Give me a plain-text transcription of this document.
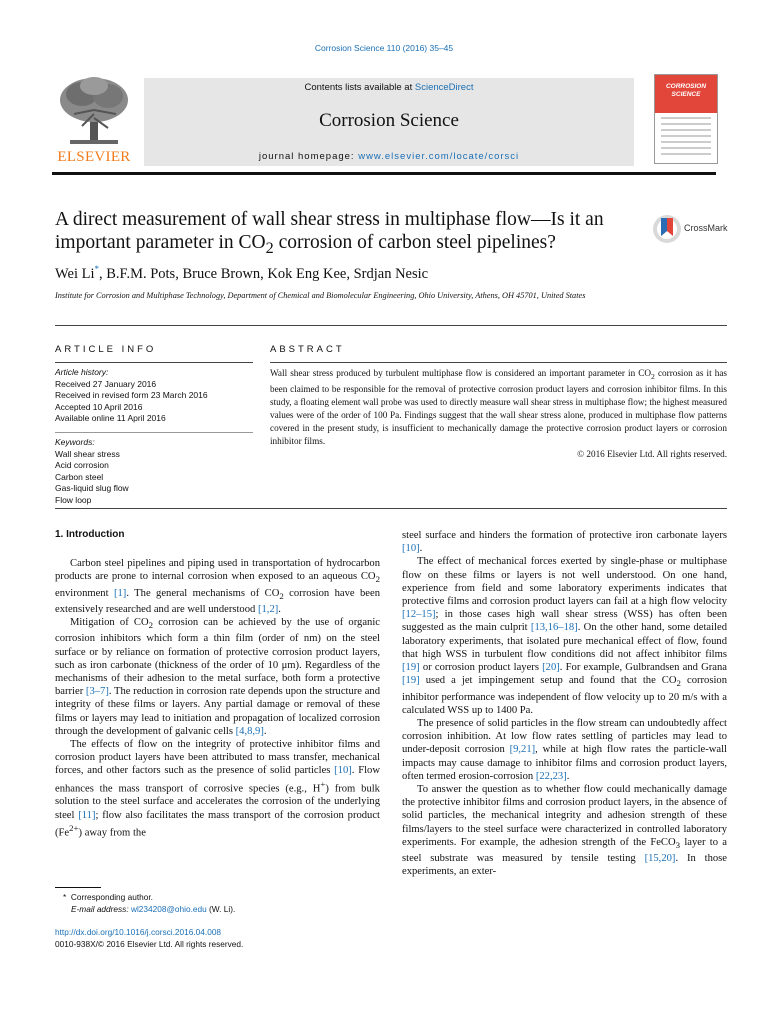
Corrosion Science 110 (2016) 35–45
ELSEVIER
Contents lists available at ScienceDirect
Corrosion Science
journal homepage: www.elsevier.com/locate/corsci
CORROSION SCIENCE
A direct measurement of wall shear stress in multiphase flow—Is it an important parameter in $CO_2$ corrosion of carbon steel pipelines?
CrossMark
Wei Li*, B.F.M. Pots, Bruce Brown, Kok Eng Kee, Srdjan Nesic
Institute for Corrosion and Multiphase Technology, Department of Chemical and Biomolecular Engineering, Ohio University, Athens, OH 45701, United States
ARTICLE INFO
Article history:
Received 27 January 2016
Received in revised form 23 March 2016
Accepted 10 April 2016
Available online 11 April 2016
Keywords:
Wall shear stress
Acid corrosion
Carbon steel
Gas-liquid slug flow
Flow loop
ABSTRACT
Wall shear stress produced by turbulent multiphase flow is considered an important parameter in $CO_2$ corrosion as it has been claimed to be responsible for the removal of protective corrosion product layers and corrosion inhibitor films. In this study, a floating element wall probe was used to directly measure wall shear stress in multiphase flow; the highest measured values were of the order of 100 Pa. Findings suggest that the wall shear stress alone, produced in multiphase flow patterns covered in the present study, is insufficient to mechanically damage the protective corrosion product layers or corrosion inhibitor films.
© 2016 Elsevier Ltd. All rights reserved.
1. Introduction

Carbon steel pipelines and piping used in transportation of hydrocarbon products are prone to internal corrosion when exposed to an aqueous $CO_2$ environment [1]. The general mechanisms of $CO_2$ corrosion have been extensively researched and are well understood [1,2].

Mitigation of $CO_2$ corrosion can be achieved by the use of organic corrosion inhibitors which form a thin film (order of nm) on the steel surface or by reliance on formation of protective corrosion product layers, such as iron carbonate (thickness of the order of 10 μm). Regardless of the mechanisms of their adhesion to the metal surface, both form a protective barrier [3–7]. The reduction in corrosion rate depends upon the structure and integrity of these films or layers. Any partial damage or removal of these films or layers may lead to initiation and propagation of localized corrosion through the development of galvanic cells [4,8,9].

The effects of flow on the integrity of protective inhibitor films and corrosion product layers have been attributed to mass transfer, mechanical forces, and other factors such as the presence of solid particles [10]. Flow enhances the mass transport of corrosive species (e.g., H+) from bulk solution to the steel surface and accelerates the corrosion of the underlying steel [11]; flow also facilitates the mass transport of the corrosion product $(Fe^{2+})$ away from the

steel surface and hinders the formation of protective iron carbonate layers [10].

The effect of mechanical forces exerted by single-phase or multiphase flow on these films or layers is not well understood. On one hand, experience from field and some laboratory experiments indicates that protective films and corrosion product layers can fail at a high flow velocity [12–15]; in those cases high wall shear stress (WSS) has often been suggested as the main culprit [13,16–18]. On the other hand, some detailed laboratory experiments, that isolated pure mechanical effect of flow, found that high WSS in turbulent flow conditions did not affect inhibitor films [19] or corrosion product layers [20]. For example, Gulbrandsen and Grana [19] used a jet impingement setup and found that the $CO_2$ corrosion inhibitor performance was independent of flow velocity up to 20 m/s with a calculated WSS up to 1400 Pa.

The presence of solid particles in the flow stream can undoubtedly affect corrosion inhibition. At low flow rates settling of particles may lead to under-deposit corrosion [9,21], while at high flow rates the particle-wall impacts may cause damage to inhibitor films and corrosion product layers, often termed erosion-corrosion [22,23].

To answer the question as to whether flow could mechanically damage the protective inhibitor films and corrosion product layers, in the absence of solid particles, the mechanical integrity and adhesion strength of these films/layers to the steel surface were characterized in controlled laboratory experiments. For example, the adhesion strength of the FeCO$_3$ layer to a steel substrate was measured by tensile testing [15,20]. In those experiments, an exter-

* Corresponding author.
E-mail address: wl234208@ohio.edu (W. Li).
http://dx.doi.org/10.1016/j.corsci.2016.04.008
0010-938X/© 2016 Elsevier Ltd. All rights reserved.
